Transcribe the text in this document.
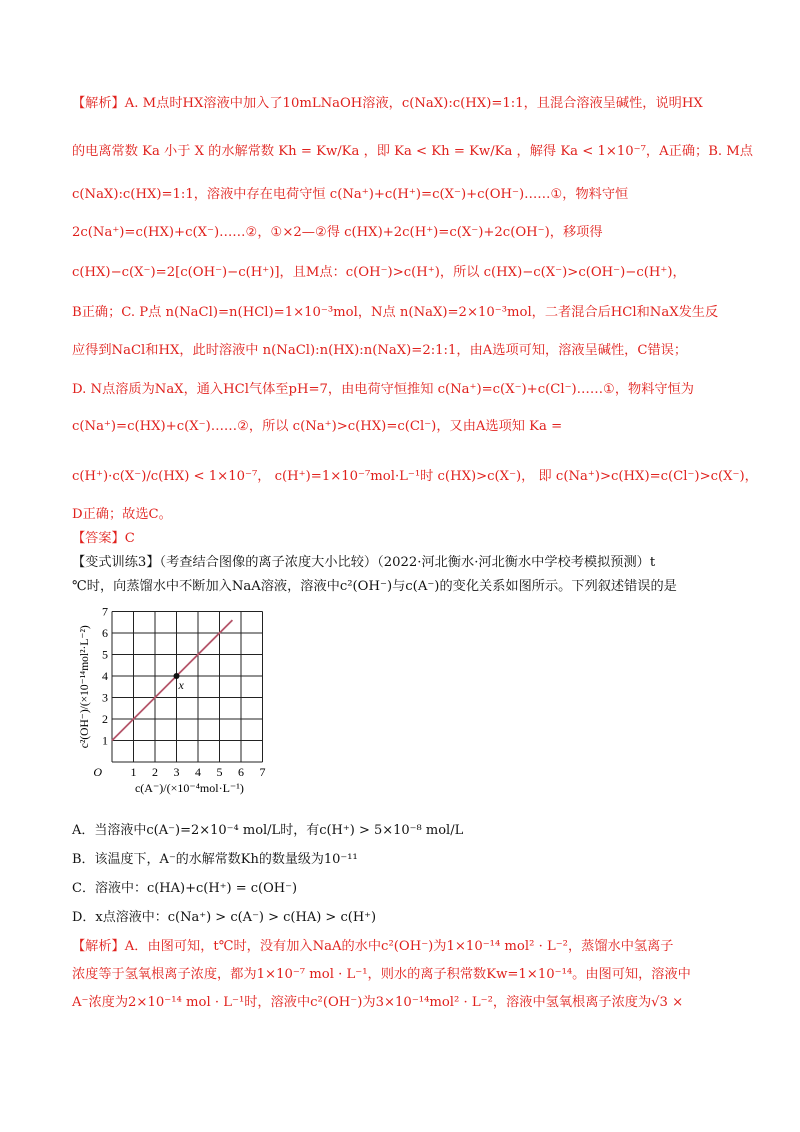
【解析】A. M点时HX溶液中加入了10mLNaOH溶液，c(NaX):c(HX)=1:1，且混合溶液呈碱性，说明HX
的电离常数 Ka 小于 X 的水解常数 Kh = Kw/Ka ，即 Ka < Kh = Kw/Ka ，解得 Ka < 1×10⁻⁷，A正确；B. M点
c(NaX):c(HX)=1:1，溶液中存在电荷守恒 c(Na⁺)+c(H⁺)=c(X⁻)+c(OH⁻)……①，物料守恒
2c(Na⁺)=c(HX)+c(X⁻)……②，①×2—②得 c(HX)+2c(H⁺)=c(X⁻)+2c(OH⁻)，移项得
c(HX)−c(X⁻)=2[c(OH⁻)−c(H⁺)]，且M点：c(OH⁻)>c(H⁺)，所以 c(HX)−c(X⁻)>c(OH⁻)−c(H⁺)，
B正确；C. P点 n(NaCl)=n(HCl)=1×10⁻³mol，N点 n(NaX)=2×10⁻³mol，二者混合后HCl和NaX发生反
应得到NaCl和HX，此时溶液中 n(NaCl):n(HX):n(NaX)=2:1:1，由A选项可知，溶液呈碱性，C错误；
D. N点溶质为NaX，通入HCl气体至pH=7，由电荷守恒推知 c(Na⁺)=c(X⁻)+c(Cl⁻)……①，物料守恒为
c(Na⁺)=c(HX)+c(X⁻)……②，所以 c(Na⁺)>c(HX)=c(Cl⁻)，又由A选项知 Ka =
c(H⁺)·c(X⁻)/c(HX) < 1×10⁻⁷， c(H⁺)=1×10⁻⁷mol·L⁻¹时 c(HX)>c(X⁻)， 即 c(Na⁺)>c(HX)=c(Cl⁻)>c(X⁻)，
D正确；故选C。
【答案】C
【变式训练3】（考查结合图像的离子浓度大小比较）（2022·河北衡水·河北衡水中学校考模拟预测）t
℃时，向蒸馏水中不断加入NaA溶液，溶液中c²(OH⁻)与c(A⁻)的变化关系如图所示。下列叙述错误的是
1 2 3 4 5 6 7
1
2
3
4
5
6
7
O
x
c(A⁻)/(×10⁻⁴mol·L⁻¹)
c²(OH⁻)/(×10⁻¹⁴mol²·L⁻²)
A．当溶液中c(A⁻)=2×10⁻⁴ mol/L时，有c(H⁺) > 5×10⁻⁸ mol/L
B．该温度下，A⁻的水解常数Kh的数量级为10⁻¹¹
C．溶液中：c(HA)+c(H⁺) = c(OH⁻)
D．x点溶液中：c(Na⁺) > c(A⁻) > c(HA) > c(H⁺)
【解析】A．由图可知，t℃时，没有加入NaA的水中c²(OH⁻)为1×10⁻¹⁴ mol² · L⁻²，蒸馏水中氢离子
浓度等于氢氧根离子浓度，都为1×10⁻⁷ mol · L⁻¹，则水的离子积常数Kw=1×10⁻¹⁴。由图可知，溶液中
A⁻浓度为2×10⁻¹⁴ mol · L⁻¹时，溶液中c²(OH⁻)为3×10⁻¹⁴mol² · L⁻²，溶液中氢氧根离子浓度为√3 ×
